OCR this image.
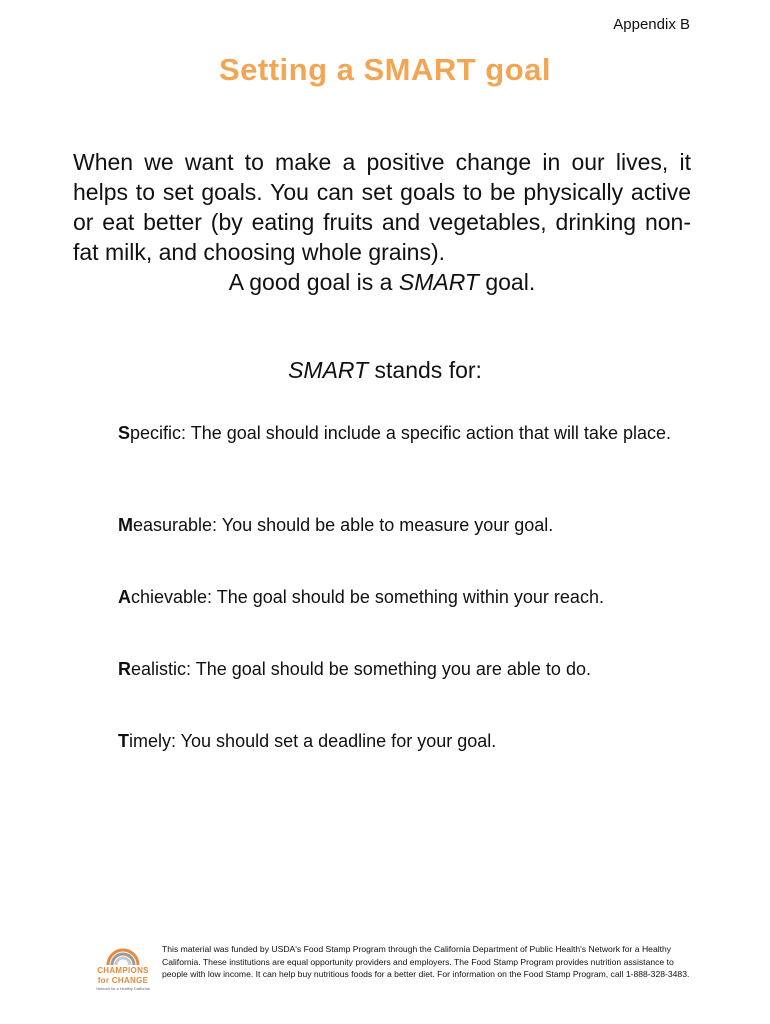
Appendix B
Setting a SMART goal
When we want to make a positive change in our lives, it helps to set goals. You can set goals to be physically active or eat better (by eating fruits and vegetables, drinking non-fat milk, and choosing whole grains).
A good goal is a SMART goal.
SMART stands for:

Specific: The goal should include a specific action that will take place.

Measurable: You should be able to measure your goal.

Achievable: The goal should be something within your reach.

Realistic: The goal should be something you are able to do.

Timely: You should set a deadline for your goal.

CHAMPIONS
for CHANGE
Network for a Healthy California
This material was funded by USDA's Food Stamp Program through the California Department of Public Health's Network for a Healthy California. These institutions are equal opportunity providers and employers. The Food Stamp Program provides nutrition assistance to people with low income. It can help buy nutritious foods for a better diet. For information on the Food Stamp Program, call 1-888-328-3483.
